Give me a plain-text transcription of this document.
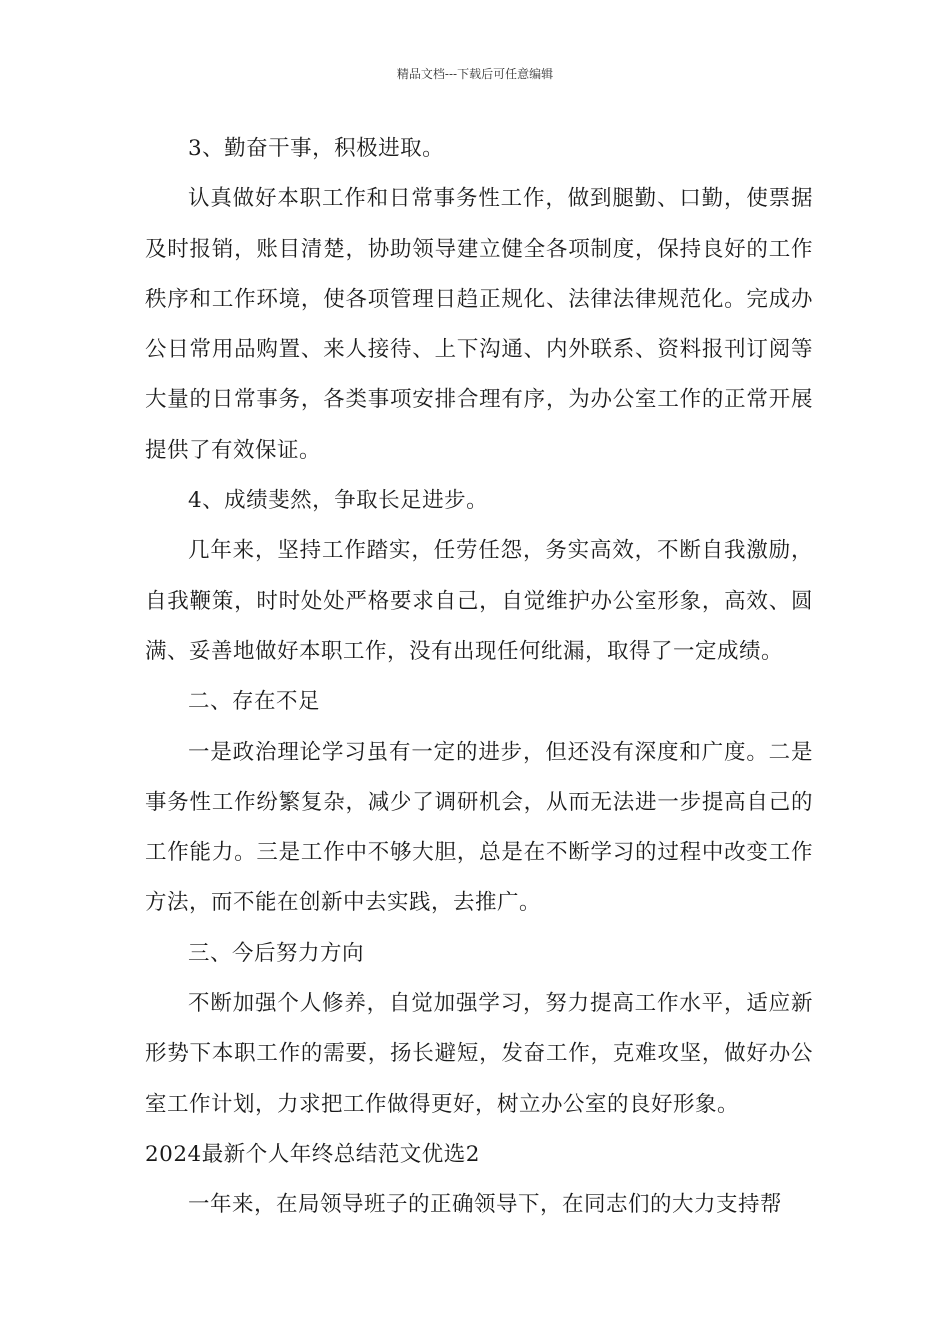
精品文档---下载后可任意编辑

3、勤奋干事，积极进取。

认真做好本职工作和日常事务性工作，做到腿勤、口勤，使票据及时报销，账目清楚，协助领导建立健全各项制度，保持良好的工作秩序和工作环境，使各项管理日趋正规化、法律法律规范化。完成办公日常用品购置、来人接待、上下沟通、内外联系、资料报刊订阅等大量的日常事务，各类事项安排合理有序，为办公室工作的正常开展提供了有效保证。

4、成绩斐然，争取长足进步。

几年来，坚持工作踏实，任劳任怨，务实高效，不断自我激励，自我鞭策，时时处处严格要求自己，自觉维护办公室形象，高效、圆满、妥善地做好本职工作，没有出现任何纰漏，取得了一定成绩。

二、存在不足

一是政治理论学习虽有一定的进步，但还没有深度和广度。二是事务性工作纷繁复杂，减少了调研机会，从而无法进一步提高自己的工作能力。三是工作中不够大胆，总是在不断学习的过程中改变工作方法，而不能在创新中去实践，去推广。

三、今后努力方向

不断加强个人修养，自觉加强学习，努力提高工作水平，适应新形势下本职工作的需要，扬长避短，发奋工作，克难攻坚，做好办公室工作计划，力求把工作做得更好，树立办公室的良好形象。

2024最新个人年终总结范文优选2

一年来，在局领导班子的正确领导下，在同志们的大力支持帮
